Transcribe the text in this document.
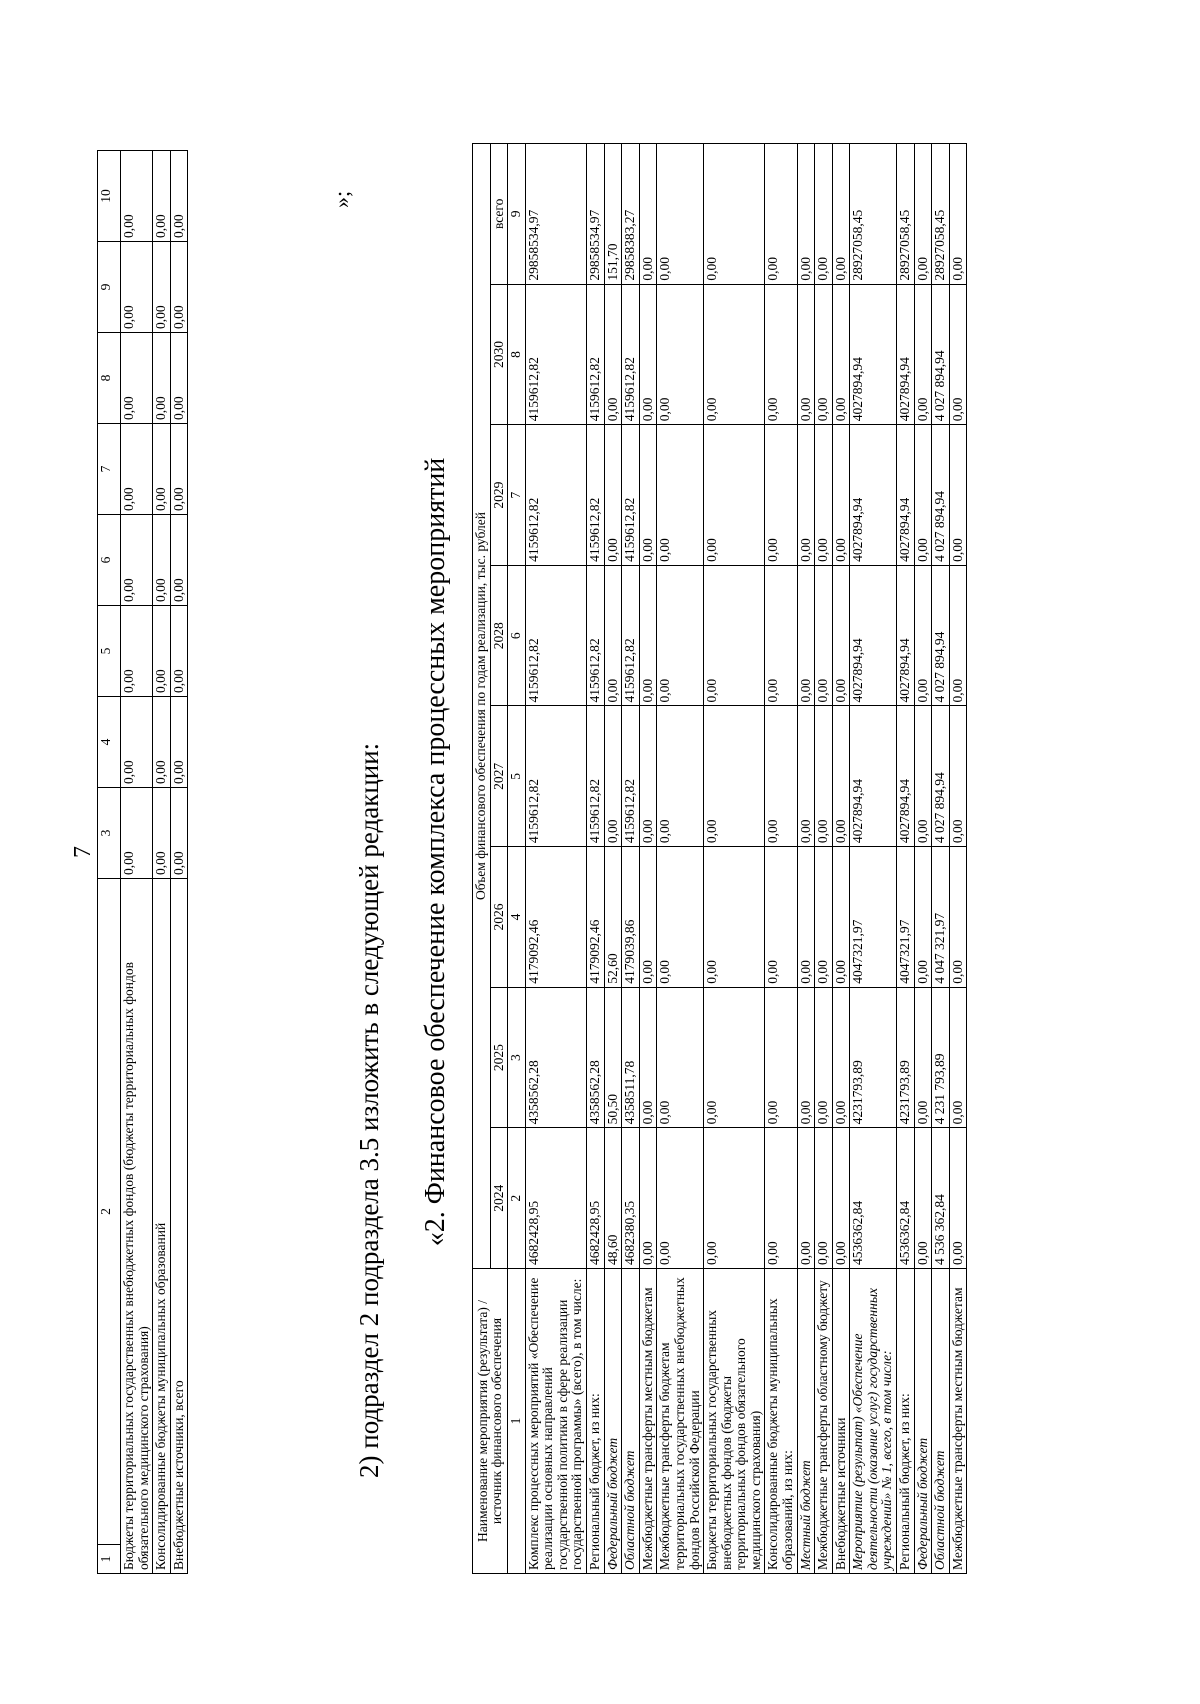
7
1	2	3	4	5	6	7	8	9	10
Бюджеты территориальных государственных внебюджетных фондов (бюджеты территориальных фондов обязательного медицинского страхования)		0,00	0,00	0,00	0,00	0,00	0,00	0,00	0,00
Консолидированные бюджеты муниципальных образований		0,00	0,00	0,00	0,00	0,00	0,00	0,00	0,00
Внебюджетные источники, всего		0,00	0,00	0,00	0,00	0,00	0,00	0,00	0,00
»;
2) подраздел 2 подраздела 3.5 изложить в следующей редакции: «2. Финансовое обеспечение комплекса процессных мероприятий
Наименование мероприятия (результата) / источник финансового обеспечения	Объем финансового обеспечения по годам реализации, тыс. рублей							
	2024	2025	2026	2027	2028	2029	2030	всего
1	2	3	4	5	6	7	8	9
Комплекс процессных мероприятий «Обеспечение реализации основных направлений государственной политики в сфере реализации государственной программы» (всего), в том числе:	4682428,95	4358562,28	4179092,46	4159612,82	4159612,82	4159612,82	4159612,82	29858534,97
Региональный бюджет, из них:	4682428,95	4358562,28	4179092,46	4159612,82	4159612,82	4159612,82	4159612,82	29858534,97
Федеральный бюджет	48,60	50,50	52,60	0,00	0,00	0,00	0,00	151,70
Областной бюджет	4682380,35	4358511,78	4179039,86	4159612,82	4159612,82	4159612,82	4159612,82	29858383,27
Межбюджетные трансферты местным бюджетам	0,00	0,00	0,00	0,00	0,00	0,00	0,00	0,00
Межбюджетные трансферты бюджетам территориальных государственных внебюджетных фондов Российской Федерации	0,00	0,00	0,00	0,00	0,00	0,00	0,00	0,00
Бюджеты территориальных государственных внебюджетных фондов (бюджеты территориальных фондов обязательного медицинского страхования)	0,00	0,00	0,00	0,00	0,00	0,00	0,00	0,00
Консолидированные бюджеты муниципальных образований, из них:	0,00	0,00	0,00	0,00	0,00	0,00	0,00	0,00
Местный бюджет	0,00	0,00	0,00	0,00	0,00	0,00	0,00	0,00
Межбюджетные трансферты областному бюджету	0,00	0,00	0,00	0,00	0,00	0,00	0,00	0,00
Внебюджетные источники	0,00	0,00	0,00	0,00	0,00	0,00	0,00	0,00
Мероприятие (результат) «Обеспечение деятельности (оказание услуг) государственных учреждений» № 1, всего, в том числе:	4536362,84	4231793,89	4047321,97	4027894,94	4027894,94	4027894,94	4027894,94	28927058,45
Региональный бюджет, из них:	4536362,84	4231793,89	4047321,97	4027894,94	4027894,94	4027894,94	4027894,94	28927058,45
Федеральный бюджет	0,00	0,00	0,00	0,00	0,00	0,00	0,00	0,00
Областной бюджет	4 536 362,84	4 231 793,89	4 047 321,97	4 027 894,94	4 027 894,94	4 027 894,94	4 027 894,94	28927058,45
Межбюджетные трансферты местным бюджетам	0,00	0,00	0,00	0,00	0,00	0,00	0,00	0,00
